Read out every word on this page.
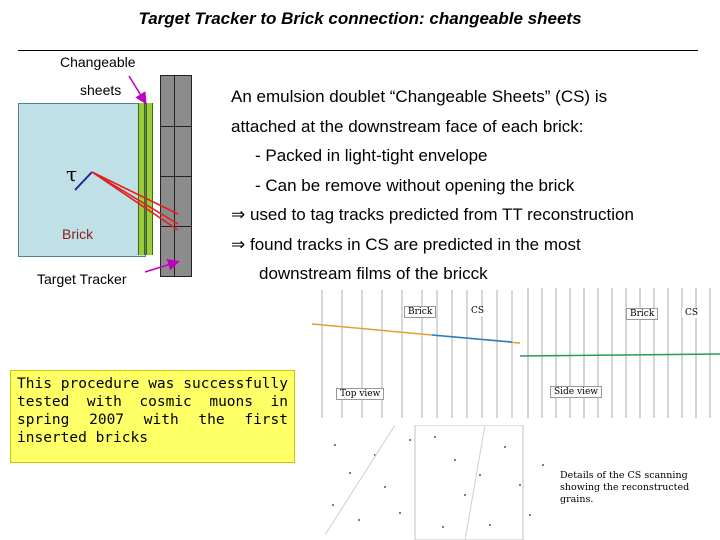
Target Tracker to Brick connection: changeable sheets
Changeable
sheets
τ
Brick
Target Tracker
An emulsion doublet “Changeable Sheets” (CS) is
attached at the downstream face of each brick:
- Packed in light-tight envelope
- Can be remove without opening the brick
⇒ used to tag tracks predicted from TT reconstruction
⇒ found tracks in CS are predicted in the most
downstream films of the bricck
This procedure was successfully tested with cosmic muons in spring 2007 with the first inserted bricks
Brick	CS
Top view
Brick	CS
Side view
Details of the CS scanning
showing the reconstructed grains.
